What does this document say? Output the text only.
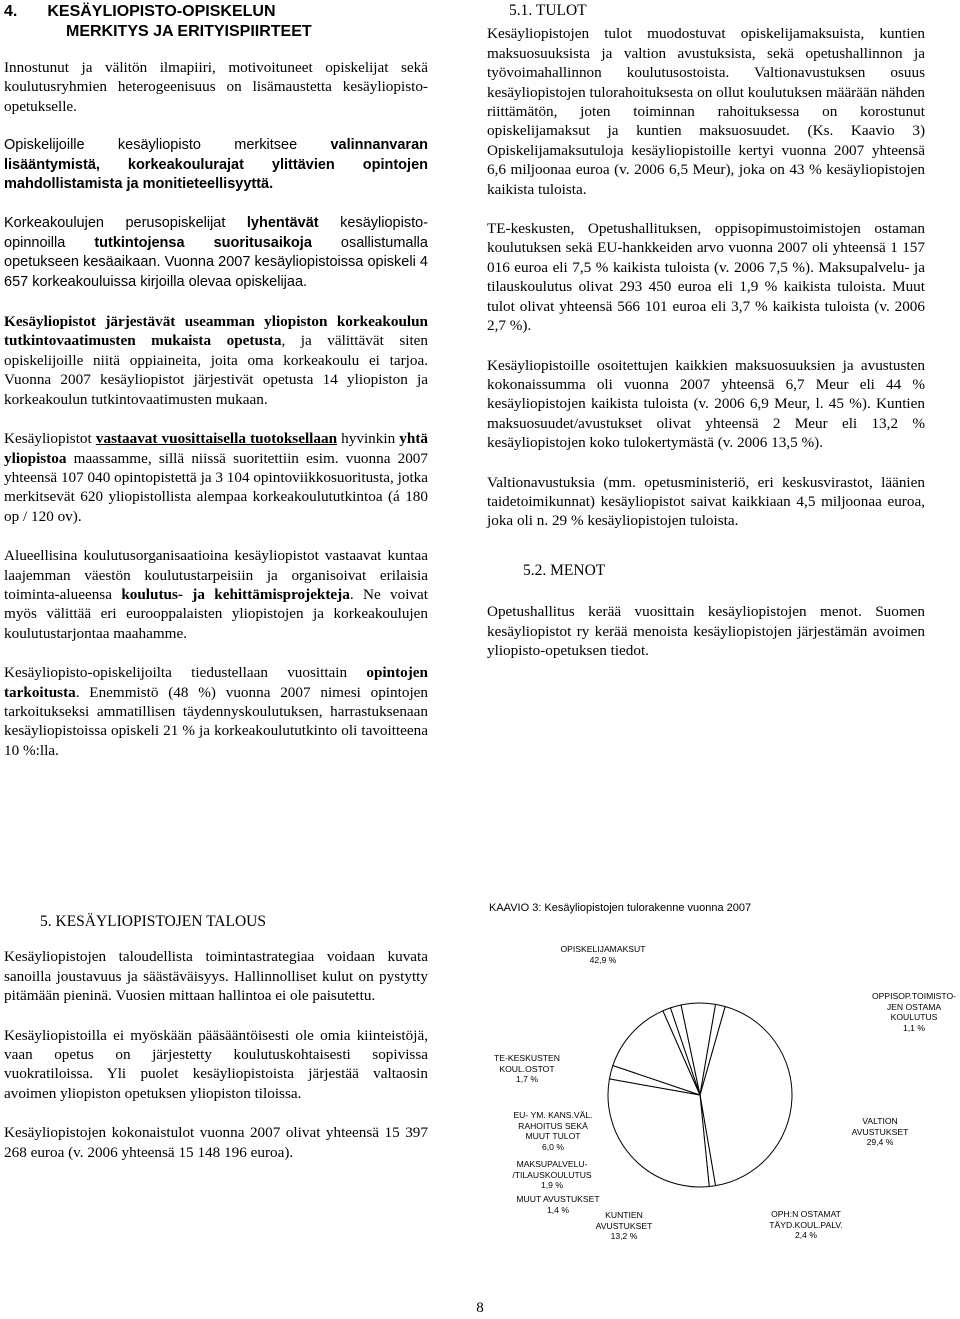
4. KESÄYLIOPISTO-OPISKELUN
MERKITYS JA ERITYISPIIRTEET

Innostunut ja välitön ilmapiiri, motivoituneet opiskelijat sekä koulutusryhmien heterogeenisuus on lisämaustetta kesäyliopisto-opetukselle.

Opiskelijoille kesäyliopisto merkitsee valinnanvaran lisääntymistä, korkeakoulurajat ylittävien opintojen mahdollistamista ja monitieteellisyyttä.

Korkeakoulujen perusopiskelijat lyhentävät kesäyliopisto-opinnoilla tutkintojensa suoritusaikoja osallistumalla opetukseen kesäaikaan. Vuonna 2007 kesäyliopistoissa opiskeli 4 657 korkeakouluissa kirjoilla olevaa opiskelijaa.

Kesäyliopistot järjestävät useamman yliopiston korkeakoulun tutkintovaatimusten mukaista opetusta, ja välittävät siten opiskelijoille niitä oppiaineita, joita oma korkeakoulu ei tarjoa. Vuonna 2007 kesäyliopistot järjestivät opetusta 14 yliopiston ja korkeakoulun tutkintovaatimusten mukaan.

Kesäyliopistot vastaavat vuosittaisella tuotoksellaan hyvinkin yhtä yliopistoa maassamme, sillä niissä suoritettiin esim. vuonna 2007 yhteensä 107 040 opintopistettä ja 3 104 opintoviikkosuoritusta, jotka merkitsevät 620 yliopistollista alempaa korkeakoulututkintoa (á 180 op / 120 ov).

Alueellisina koulutusorganisaatioina kesäyliopistot vastaavat kuntaa laajemman väestön koulutustarpeisiin ja organisoivat erilaisia toiminta-alueensa koulutus- ja kehittämisprojekteja. Ne voivat myös välittää eri eurooppalaisten yliopistojen ja korkeakoulujen koulutustarjontaa maahamme.

Kesäyliopisto-opiskelijoilta tiedustellaan vuosittain opintojen tarkoitusta. Enemmistö (48 %) vuonna 2007 nimesi opintojen tarkoitukseksi ammatillisen täydennyskoulutuksen, harrastuksenaan kesäyliopistoissa opiskeli 21 % ja korkeakoulututkinto oli tavoitteena 10 %:lla.

5. KESÄYLIOPISTOJEN TALOUS

Kesäyliopistojen taloudellista toimintastrategiaa voidaan kuvata sanoilla joustavuus ja säästäväisyys. Hallinnolliset kulut on pystytty pitämään pieninä. Vuosien mittaan hallintoa ei ole paisutettu.

Kesäyliopistoilla ei myöskään pääsääntöisesti ole omia kiinteistöjä, vaan opetus on järjestetty koulutuskohtaisesti sopivissa vuokratiloissa. Yli puolet kesäyliopistoista järjestää valtaosin avoimen yliopiston opetuksen yliopiston tiloissa.

Kesäyliopistojen kokonaistulot vuonna 2007 olivat yhteensä 15 397 268 euroa (v. 2006 yhteensä 15 148 196 euroa).

5.1. TULOT

Kesäyliopistojen tulot muodostuvat opiskelijamaksuista, kuntien maksuosuuksista ja valtion avustuksista, sekä opetushallinnon ja työvoimahallinnon koulutusostoista. Valtionavustuksen osuus kesäyliopistojen tulorahoituksesta on ollut koulutuksen määrään nähden riittämätön, joten toiminnan rahoituksessa on korostunut opiskelijamaksut ja kuntien maksuosuudet. (Ks. Kaavio 3) Opiskelijamaksutuloja kesäyliopistoille kertyi vuonna 2007 yhteensä 6,6 miljoonaa euroa (v. 2006 6,5 Meur), joka on 43 % kesäyliopistojen kaikista tuloista.

TE-keskusten, Opetushallituksen, oppisopimustoimistojen ostaman koulutuksen sekä EU-hankkeiden arvo vuonna 2007 oli yhteensä 1 157 016 euroa eli 7,5 % kaikista tuloista (v. 2006 7,5 %). Maksupalvelu- ja tilauskoulutus olivat 293 450 euroa eli 1,9 % kaikista tuloista. Muut tulot olivat yhteensä 566 101 euroa eli 3,7 % kaikista tuloista (v. 2006 2,7 %).

Kesäyliopistoille osoitettujen kaikkien maksuosuuksien ja avustusten kokonaissumma oli vuonna 2007 yhteensä 6,7 Meur eli 44 % kesäyliopistojen kaikista tuloista (v. 2006 6,9 Meur, l. 45 %). Kuntien maksuosuudet/avustukset olivat yhteensä 2 Meur eli 13,2 % kesäyliopistojen koko tulokertymästä (v. 2006 13,5 %).

Valtionavustuksia (mm. opetusministeriö, eri keskusvirastot, läänien taidetoimikunnat) kesäyliopistot saivat kaikkiaan 4,5 miljoonaa euroa, joka oli n. 29 % kesäyliopistojen tuloista.

5.2. MENOT

Opetushallitus kerää vuosittain kesäyliopistojen menot. Suomen kesäyliopistot ry kerää menoista kesäyliopistojen järjestämän avoimen yliopisto-opetuksen tiedot.

KAAVIO 3: Kesäyliopistojen tulorakenne vuonna 2007
OPISKELIJAMAKSUT
42,9 %
OPPISOP.TOIMISTO-
JEN OSTAMA
KOULUTUS
1,1 %
VALTION
AVUSTUKSET
29,4 %
OPH:N OSTAMAT
TÄYD.KOUL.PALV.
2,4 %
KUNTIEN
AVUSTUKSET
13,2 %
MUUT AVUSTUKSET
1,4 %
MAKSUPALVELU-
/TILAUSKOULUTUS
1,9 %
EU- YM. KANS.VÄL.
RAHOITUS SEKÄ
MUUT TULOT
6,0 %
TE-KESKUSTEN
KOUL.OSTOT
1,7 %
8
